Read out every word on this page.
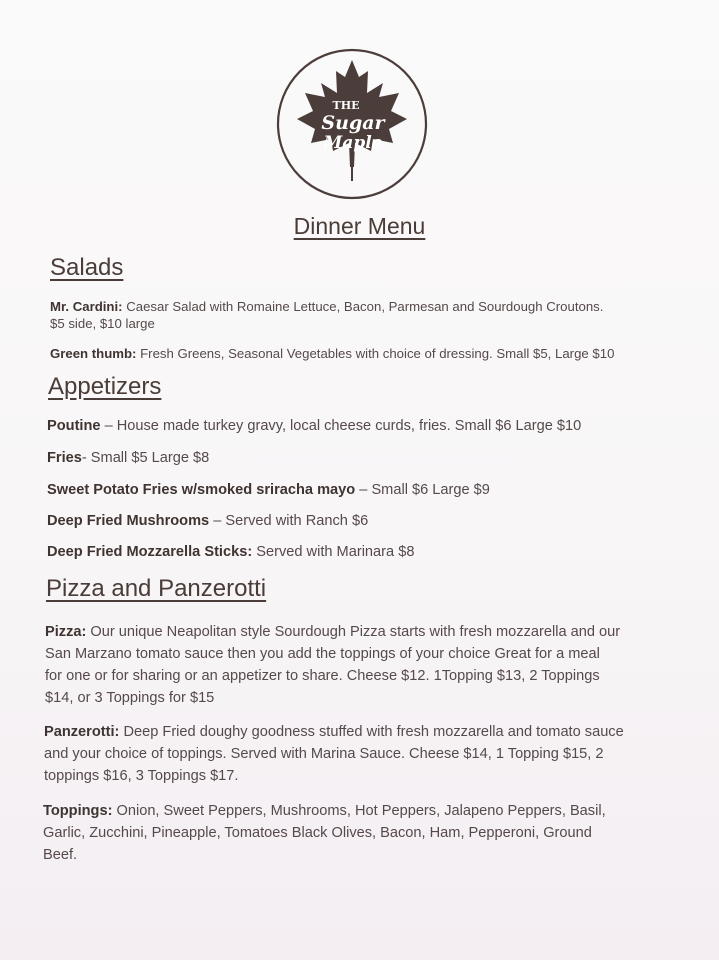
THE
Sugar
Maple
Dinner Menu
Salads
Mr. Cardini: Caesar Salad with Romaine Lettuce, Bacon, Parmesan and Sourdough Croutons.
$5 side, $10 large
Green thumb: Fresh Greens, Seasonal Vegetables with choice of dressing. Small $5, Large $10
Appetizers
Poutine – House made turkey gravy, local cheese curds, fries. Small $6 Large $10
Fries- Small $5 Large $8
Sweet Potato Fries w/smoked sriracha mayo – Small $6 Large $9
Deep Fried Mushrooms – Served with Ranch $6
Deep Fried Mozzarella Sticks: Served with Marinara $8
Pizza and Panzerotti
Pizza: Our unique Neapolitan style Sourdough Pizza starts with fresh mozzarella and our
San Marzano tomato sauce then you add the toppings of your choice Great for a meal
for one or for sharing or an appetizer to share. Cheese $12. 1Topping $13, 2 Toppings
$14, or 3 Toppings for $15
Panzerotti: Deep Fried doughy goodness stuffed with fresh mozzarella and tomato sauce
and your choice of toppings. Served with Marina Sauce. Cheese $14, 1 Topping $15, 2
toppings $16, 3 Toppings $17.
Toppings: Onion, Sweet Peppers, Mushrooms, Hot Peppers, Jalapeno Peppers, Basil,
Garlic, Zucchini, Pineapple, Tomatoes Black Olives, Bacon, Ham, Pepperoni, Ground
Beef.
